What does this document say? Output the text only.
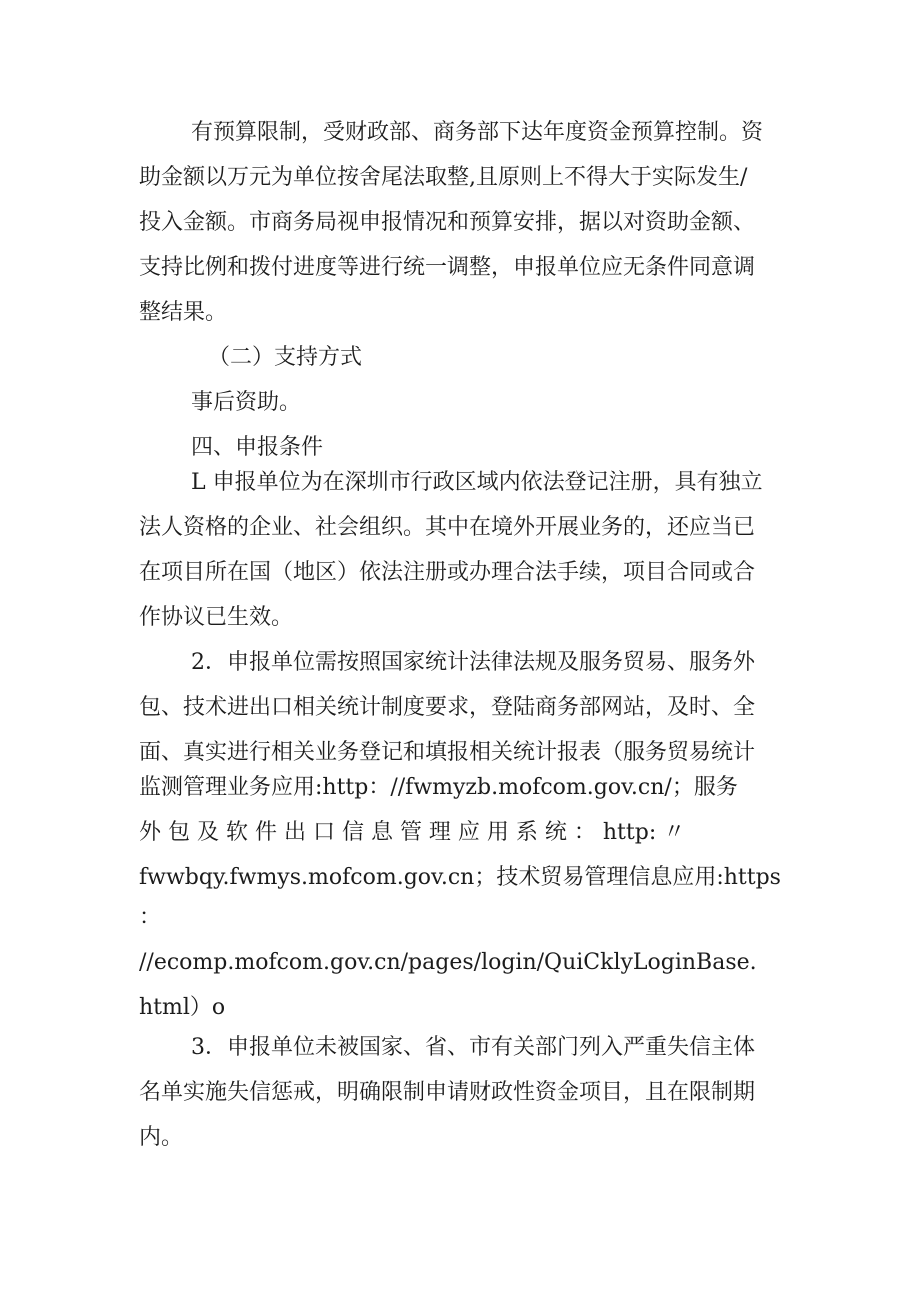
有预算限制，受财政部、商务部下达年度资金预算控制。资
助金额以万元为单位按舍尾法取整,且原则上不得大于实际发生/
投入金额。市商务局视申报情况和预算安排，据以对资助金额、
支持比例和拨付进度等进行统一调整，申报单位应无条件同意调
整结果。
（二）支持方式
事后资助。
四、申报条件
L 申报单位为在深圳市行政区域内依法登记注册，具有独立
法人资格的企业、社会组织。其中在境外开展业务的，还应当已
在项目所在国（地区）依法注册或办理合法手续，项目合同或合
作协议已生效。
2．申报单位需按照国家统计法律法规及服务贸易、服务外
包、技术进出口相关统计制度要求，登陆商务部网站，及时、全
面、真实进行相关业务登记和填报相关统计报表（服务贸易统计
监测管理业务应用:http：//fwmyzb.mofcom.gov.cn/；服务
外 包 及 软 件 出 口 信 息 管 理 应 用 系 统 ： http: 〃
fwwbqy.fwmys.mofcom.gov.cn；技术贸易管理信息应用:https
：
//ecomp.mofcom.gov.cn/pages/login/QuiCklyLoginBase.
html）o
3．申报单位未被国家、省、市有关部门列入严重失信主体
名单实施失信惩戒，明确限制申请财政性资金项目，且在限制期
内。
